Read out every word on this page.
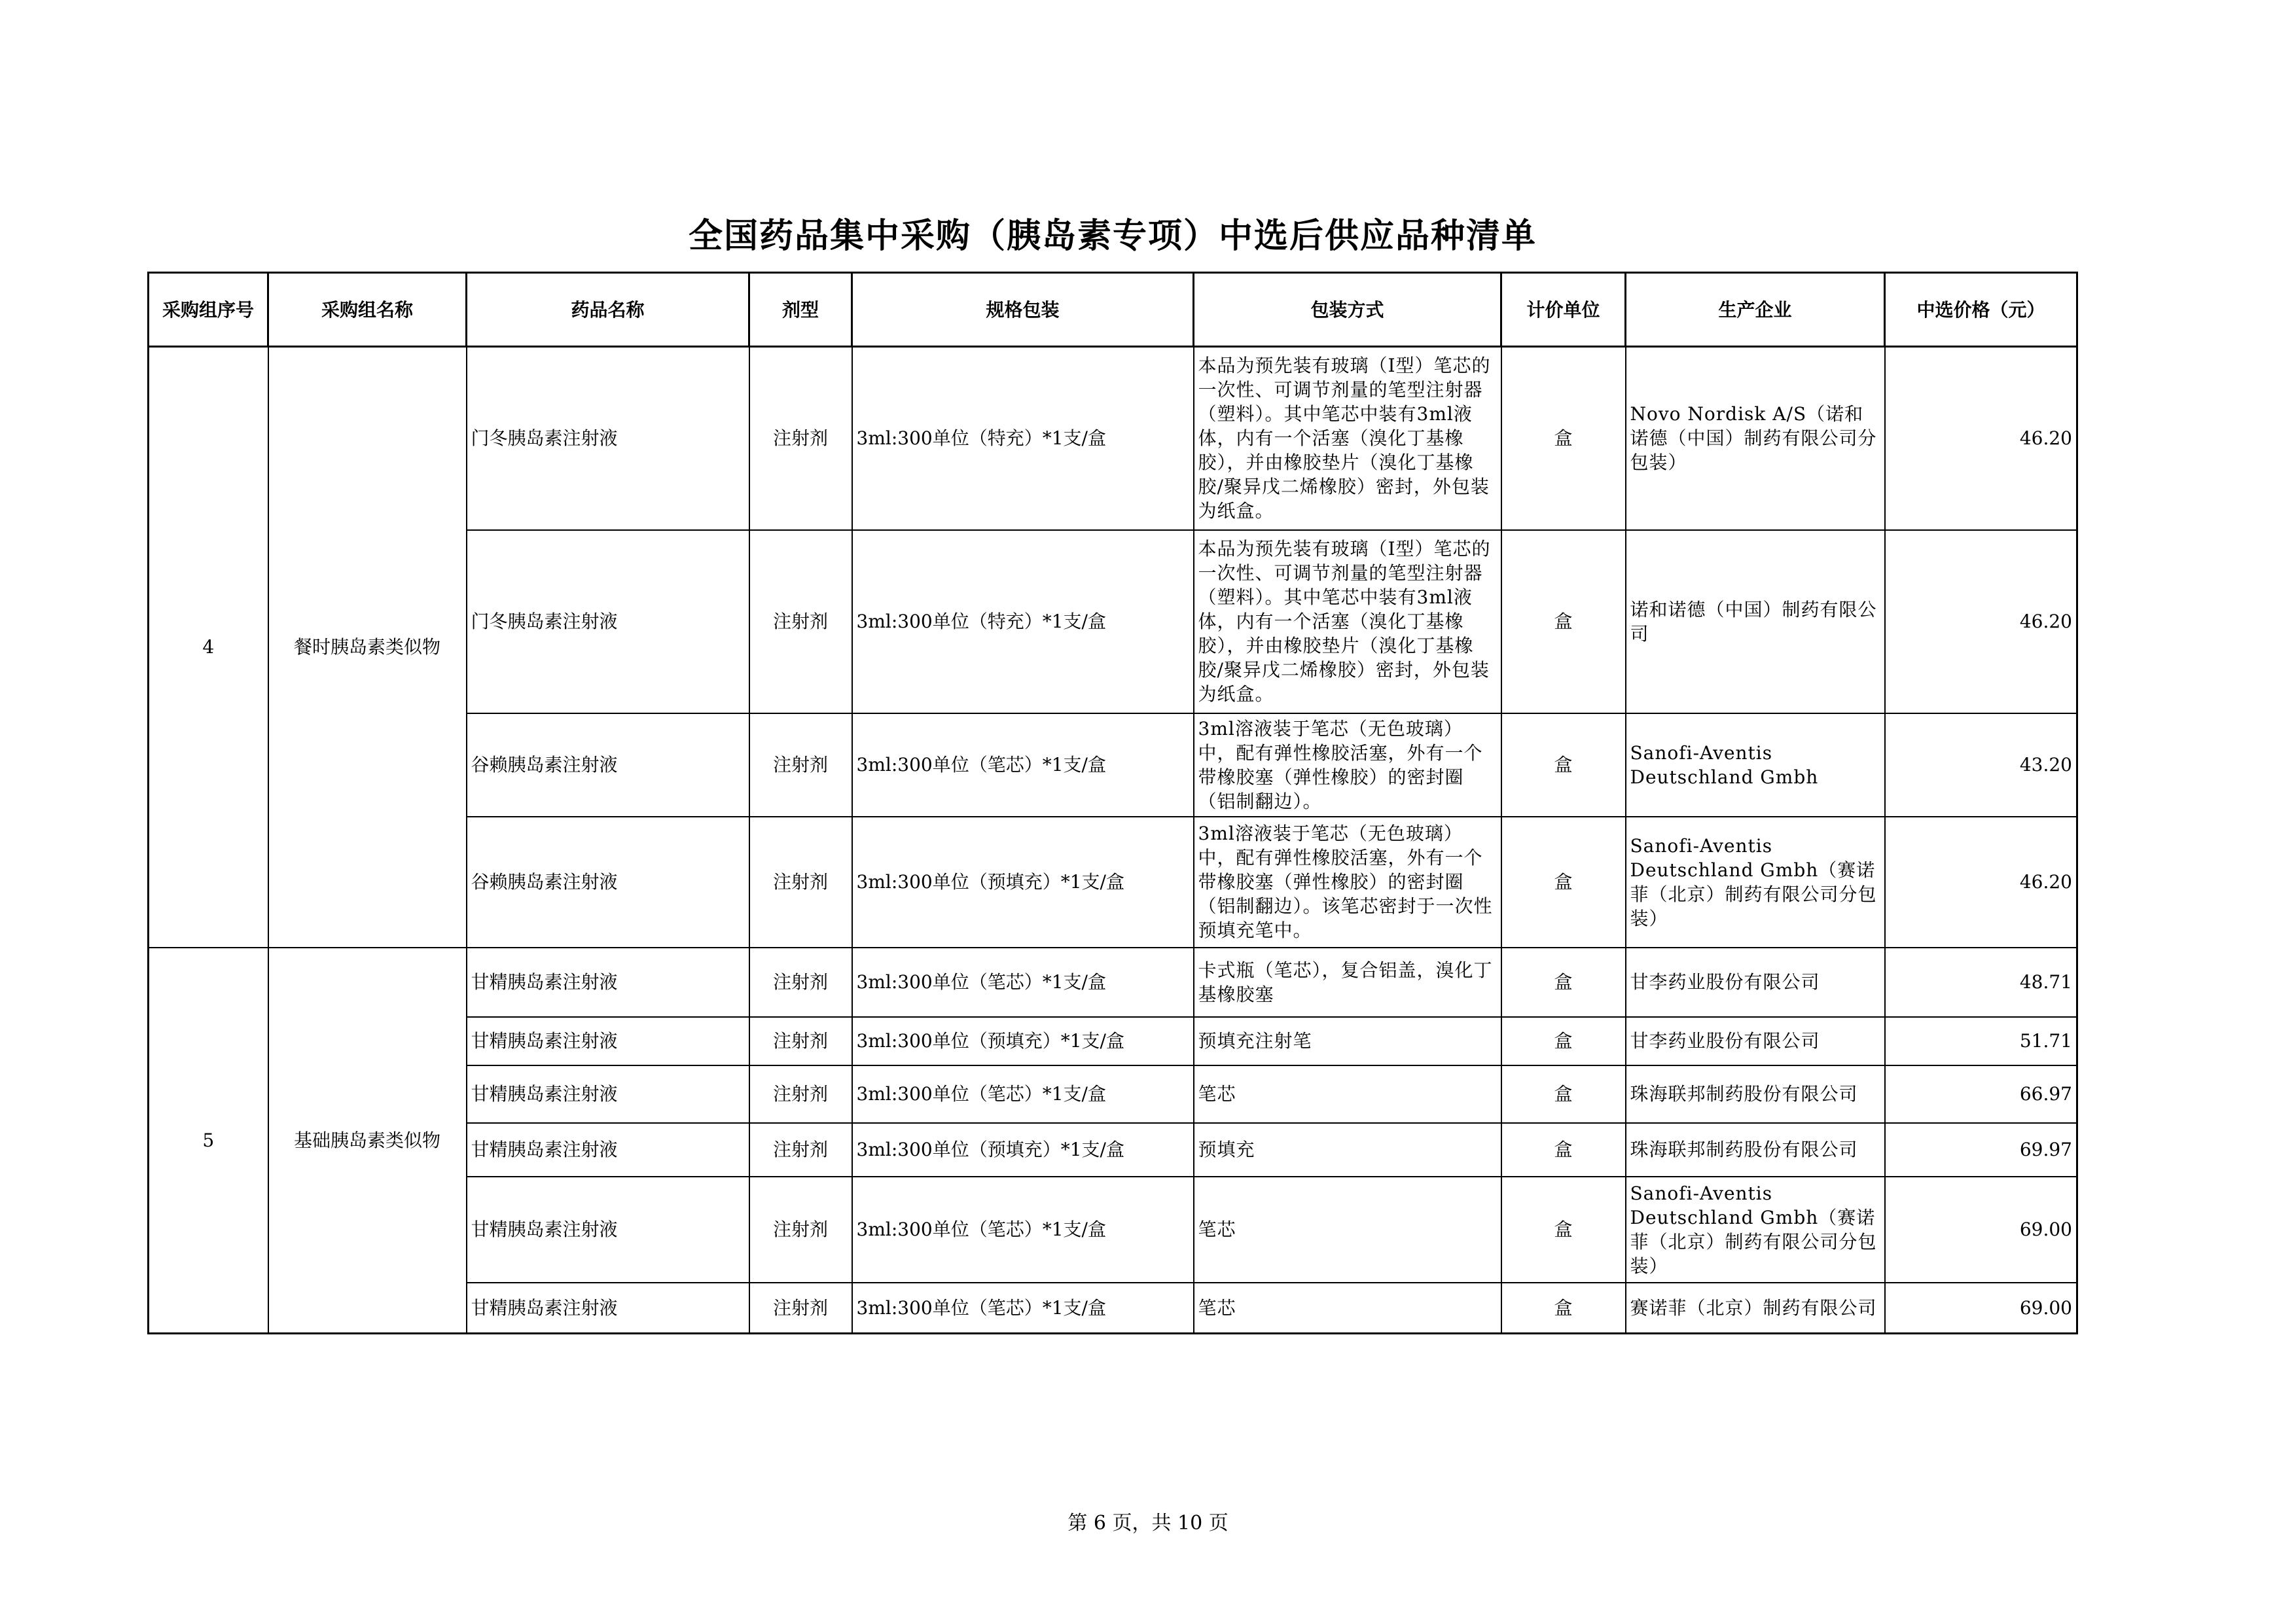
全国药品集中采购（胰岛素专项）中选后供应品种清单
采购组序号	采购组名称	药品名称	剂型	规格包装	包装方式	计价单位	生产企业	中选价格（元）
4	餐时胰岛素类似物	门冬胰岛素注射液	注射剂	3ml:300单位（特充）*1支/盒	本品为预先装有玻璃（Ⅰ型）笔芯的一次性、可调节剂量的笔型注射器（塑料）。其中笔芯中装有3ml液体，内有一个活塞（溴化丁基橡胶），并由橡胶垫片（溴化丁基橡胶/聚异戊二烯橡胶）密封，外包装为纸盒。	盒	Novo Nordisk A/S（诺和诺德（中国）制药有限公司分包装）	46.20
		门冬胰岛素注射液	注射剂	3ml:300单位（特充）*1支/盒	本品为预先装有玻璃（Ⅰ型）笔芯的一次性、可调节剂量的笔型注射器（塑料）。其中笔芯中装有3ml液体，内有一个活塞（溴化丁基橡胶），并由橡胶垫片（溴化丁基橡胶/聚异戊二烯橡胶）密封，外包装为纸盒。	盒	诺和诺德（中国）制药有限公司	46.20
		谷赖胰岛素注射液	注射剂	3ml:300单位（笔芯）*1支/盒	3ml溶液装于笔芯（无色玻璃）中，配有弹性橡胶活塞，外有一个带橡胶塞（弹性橡胶）的密封圈（铝制翻边）。	盒	Sanofi-Aventis Deutschland Gmbh	43.20
		谷赖胰岛素注射液	注射剂	3ml:300单位（预填充）*1支/盒	3ml溶液装于笔芯（无色玻璃）中，配有弹性橡胶活塞，外有一个带橡胶塞（弹性橡胶）的密封圈（铝制翻边）。该笔芯密封于一次性预填充笔中。	盒	Sanofi-Aventis Deutschland Gmbh（赛诺菲（北京）制药有限公司分包装）	46.20
5	基础胰岛素类似物	甘精胰岛素注射液	注射剂	3ml:300单位（笔芯）*1支/盒	卡式瓶（笔芯），复合铝盖，溴化丁基橡胶塞	盒	甘李药业股份有限公司	48.71
		甘精胰岛素注射液	注射剂	3ml:300单位（预填充）*1支/盒	预填充注射笔	盒	甘李药业股份有限公司	51.71
		甘精胰岛素注射液	注射剂	3ml:300单位（笔芯）*1支/盒	笔芯	盒	珠海联邦制药股份有限公司	66.97
		甘精胰岛素注射液	注射剂	3ml:300单位（预填充）*1支/盒	预填充	盒	珠海联邦制药股份有限公司	69.97
		甘精胰岛素注射液	注射剂	3ml:300单位（笔芯）*1支/盒	笔芯	盒	Sanofi-Aventis Deutschland Gmbh（赛诺菲（北京）制药有限公司分包装）	69.00
		甘精胰岛素注射液	注射剂	3ml:300单位（笔芯）*1支/盒	笔芯	盒	赛诺菲（北京）制药有限公司	69.00
第 6 页，共 10 页
